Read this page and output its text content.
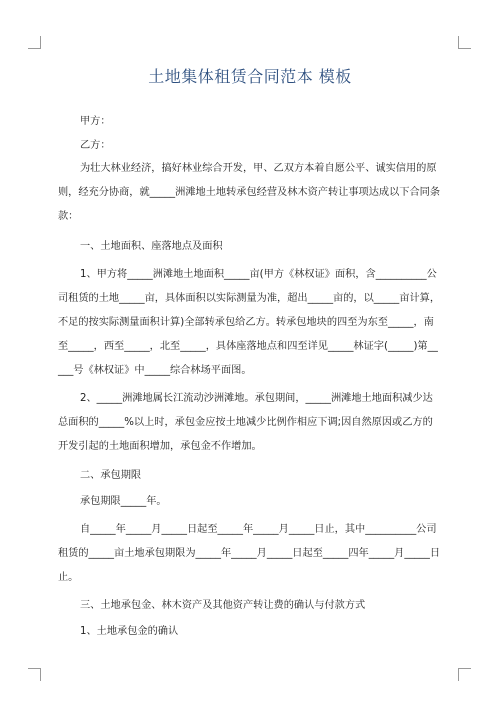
土地集体租赁合同范本 模板

甲方：

乙方：

为壮大林业经济，搞好林业综合开发，甲、乙双方本着自愿公平、诚实信用的原

则，经充分协商，就_____洲滩地土地转承包经营及林木资产转让事项达成以下合同条

款：

一、土地面积、座落地点及面积

1、甲方将_____洲滩地土地面积_____亩(甲方《林权证》面积，含__________公

司租赁的土地_____亩，具体面积以实际测量为准，超出_____亩的，以_____亩计算，

不足的按实际测量面积计算)全部转承包给乙方。转承包地块的四至为东至_____，南

至_____，西至_____，北至_____，具体座落地点和四至详见_____林证字(_____)第__

___号《林权证》中_____综合林场平面图。

2、_____洲滩地属长江流动沙洲滩地。承包期间，_____洲滩地土地面积减少达

总面积的_____%以上时，承包金应按土地减少比例作相应下调;因自然原因或乙方的

开发引起的土地面积增加，承包金不作增加。

二、承包期限

承包期限_____年。

自_____年_____月_____日起至_____年_____月_____日止，其中__________公司

租赁的_____亩土地承包期限为_____年_____月_____日起至_____四年_____月_____日

止。

三、土地承包金、林木资产及其他资产转让费的确认与付款方式

1、土地承包金的确认
